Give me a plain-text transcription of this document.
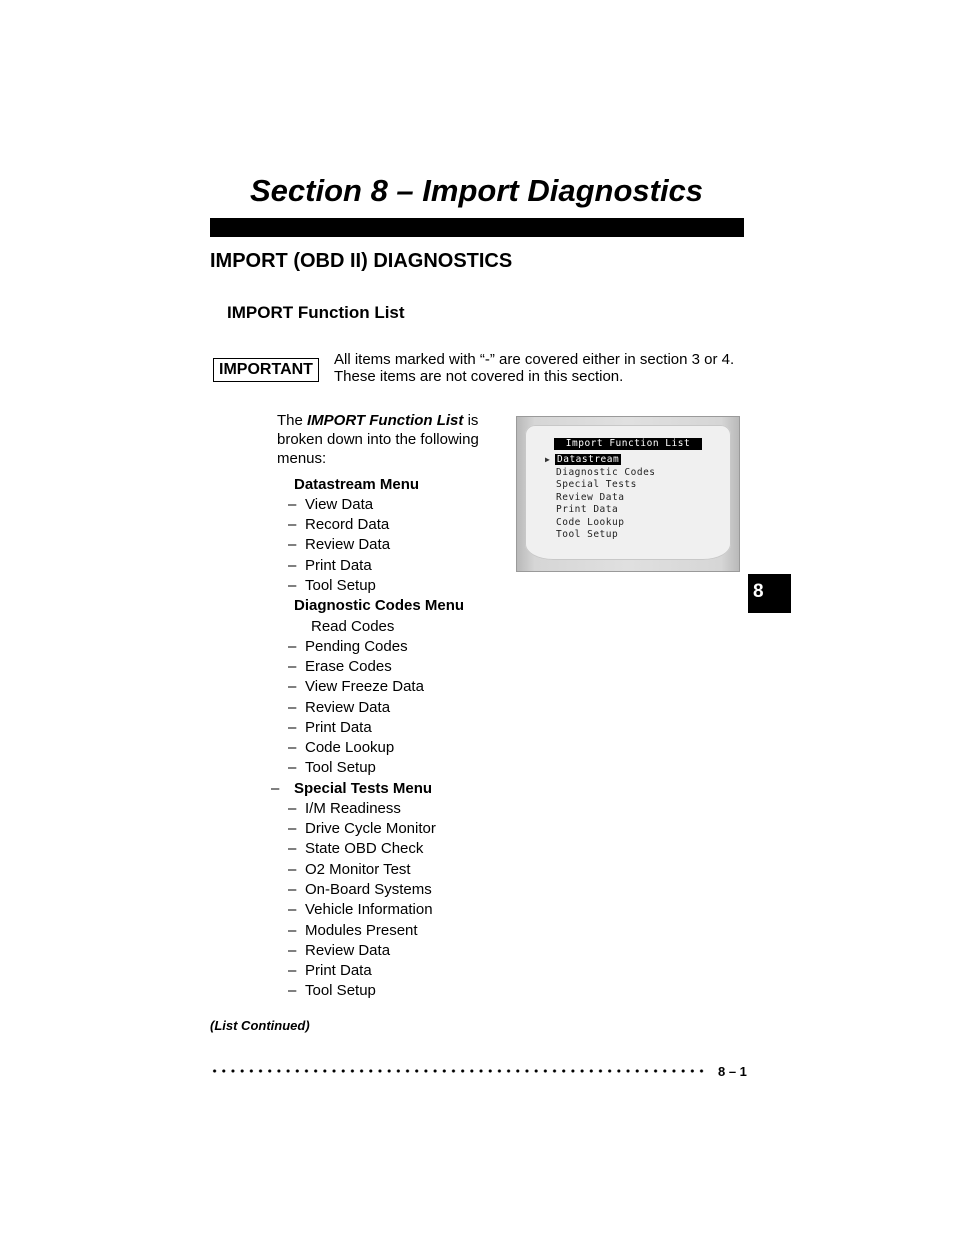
Section 8 – Import Diagnostics
IMPORT (OBD II) DIAGNOSTICS
IMPORT Function List
IMPORTANT
All items marked with “-” are covered either in section 3 or 4.
These items are not covered in this section.
The IMPORT Function List is broken down into the following menus:
Datastream Menu
– View Data
– Record Data
– Review Data
– Print Data
– Tool Setup
Diagnostic Codes Menu
Read Codes
– Pending Codes
– Erase Codes
– View Freeze Data
– Review Data
– Print Data
– Code Lookup
– Tool Setup
– Special Tests Menu
– I/M Readiness
– Drive Cycle Monitor
– State OBD Check
– O2 Monitor Test
– On-Board Systems
– Vehicle Information
– Modules Present
– Review Data
– Print Data
– Tool Setup
Import Function List
▶ Datastream
Diagnostic Codes
Special Tests
Review Data
Print Data
Code Lookup
Tool Setup
8
(List Continued)
8 – 1
